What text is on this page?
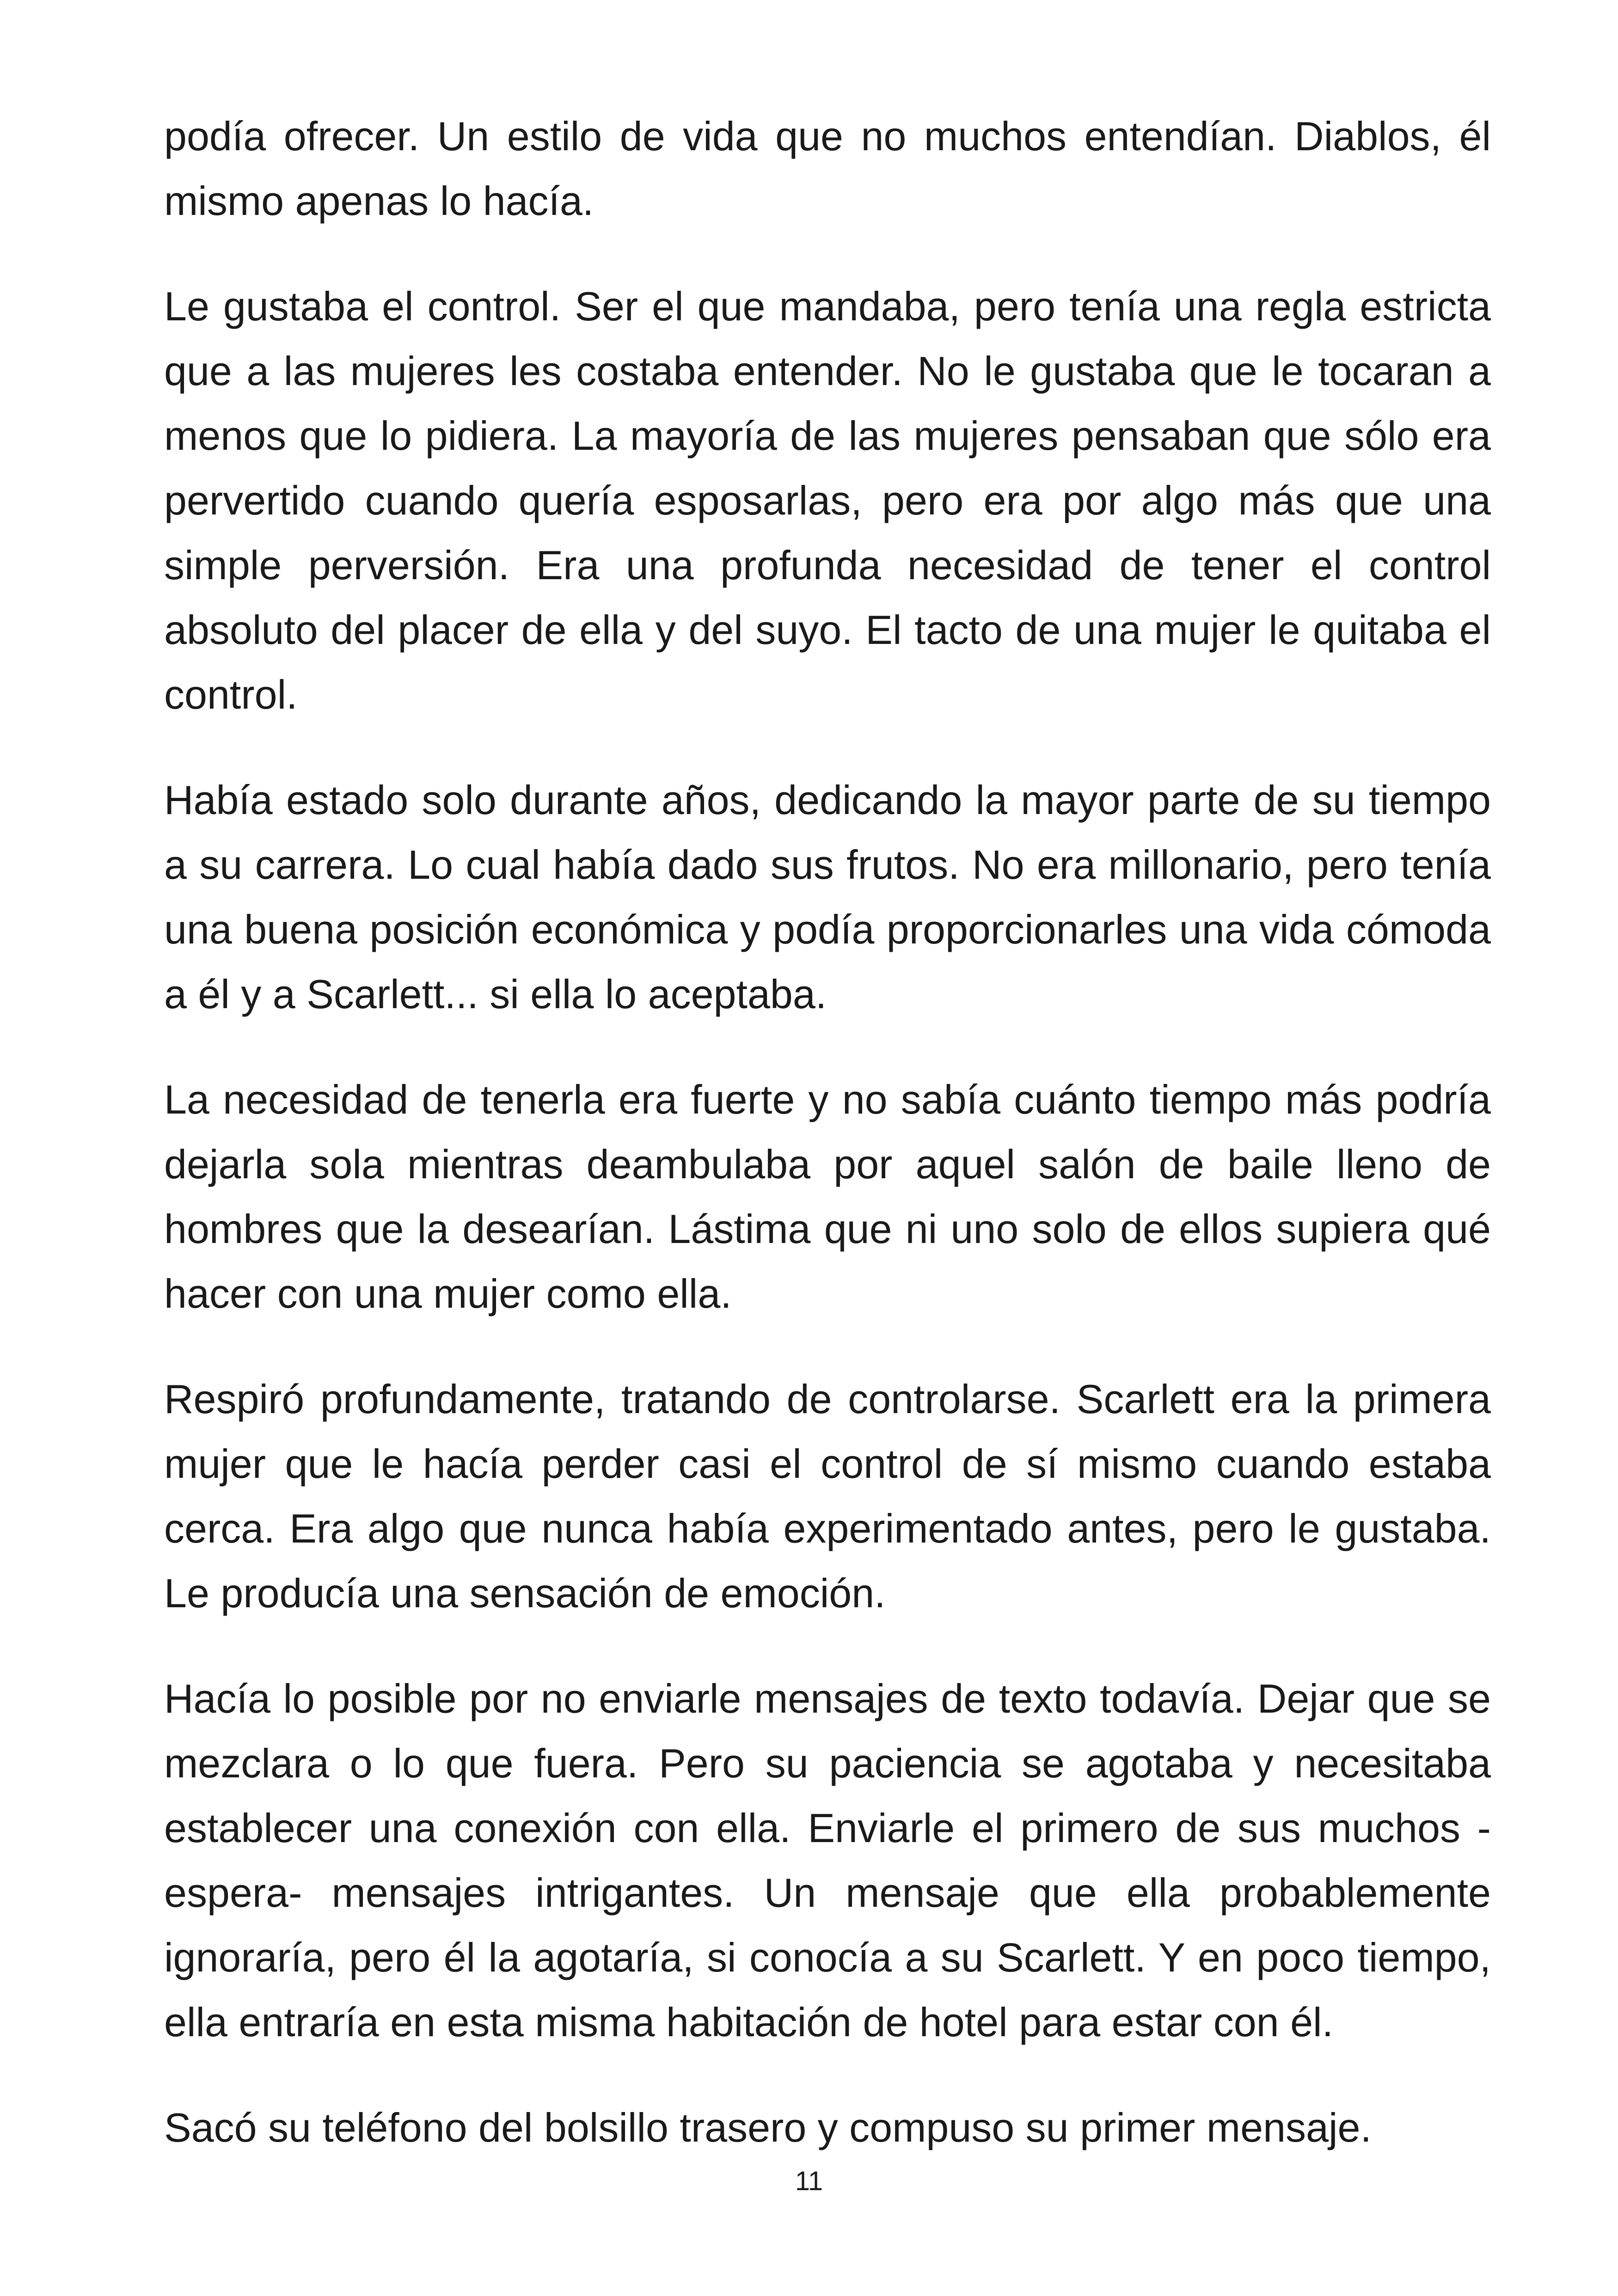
podía ofrecer. Un estilo de vida que no muchos entendían. Diablos, él mismo apenas lo hacía.

Le gustaba el control. Ser el que mandaba, pero tenía una regla estricta que a las mujeres les costaba entender. No le gustaba que le tocaran a menos que lo pidiera. La mayoría de las mujeres pensaban que sólo era pervertido cuando quería esposarlas, pero era por algo más que una simple perversión. Era una profunda necesidad de tener el control absoluto del placer de ella y del suyo. El tacto de una mujer le quitaba el control.

Había estado solo durante años, dedicando la mayor parte de su tiempo a su carrera. Lo cual había dado sus frutos. No era millonario, pero tenía una buena posición económica y podía proporcionarles una vida cómoda a él y a Scarlett... si ella lo aceptaba.

La necesidad de tenerla era fuerte y no sabía cuánto tiempo más podría dejarla sola mientras deambulaba por aquel salón de baile lleno de hombres que la desearían. Lástima que ni uno solo de ellos supiera qué hacer con una mujer como ella.

Respiró profundamente, tratando de controlarse. Scarlett era la primera mujer que le hacía perder casi el control de sí mismo cuando estaba cerca. Era algo que nunca había experimentado antes, pero le gustaba. Le producía una sensación de emoción.

Hacía lo posible por no enviarle mensajes de texto todavía. Dejar que se mezclara o lo que fuera. Pero su paciencia se agotaba y necesitaba establecer una conexión con ella. Enviarle el primero de sus muchos -espera- mensajes intrigantes. Un mensaje que ella probablemente ignoraría, pero él la agotaría, si conocía a su Scarlett. Y en poco tiempo, ella entraría en esta misma habitación de hotel para estar con él.

Sacó su teléfono del bolsillo trasero y compuso su primer mensaje.

11
